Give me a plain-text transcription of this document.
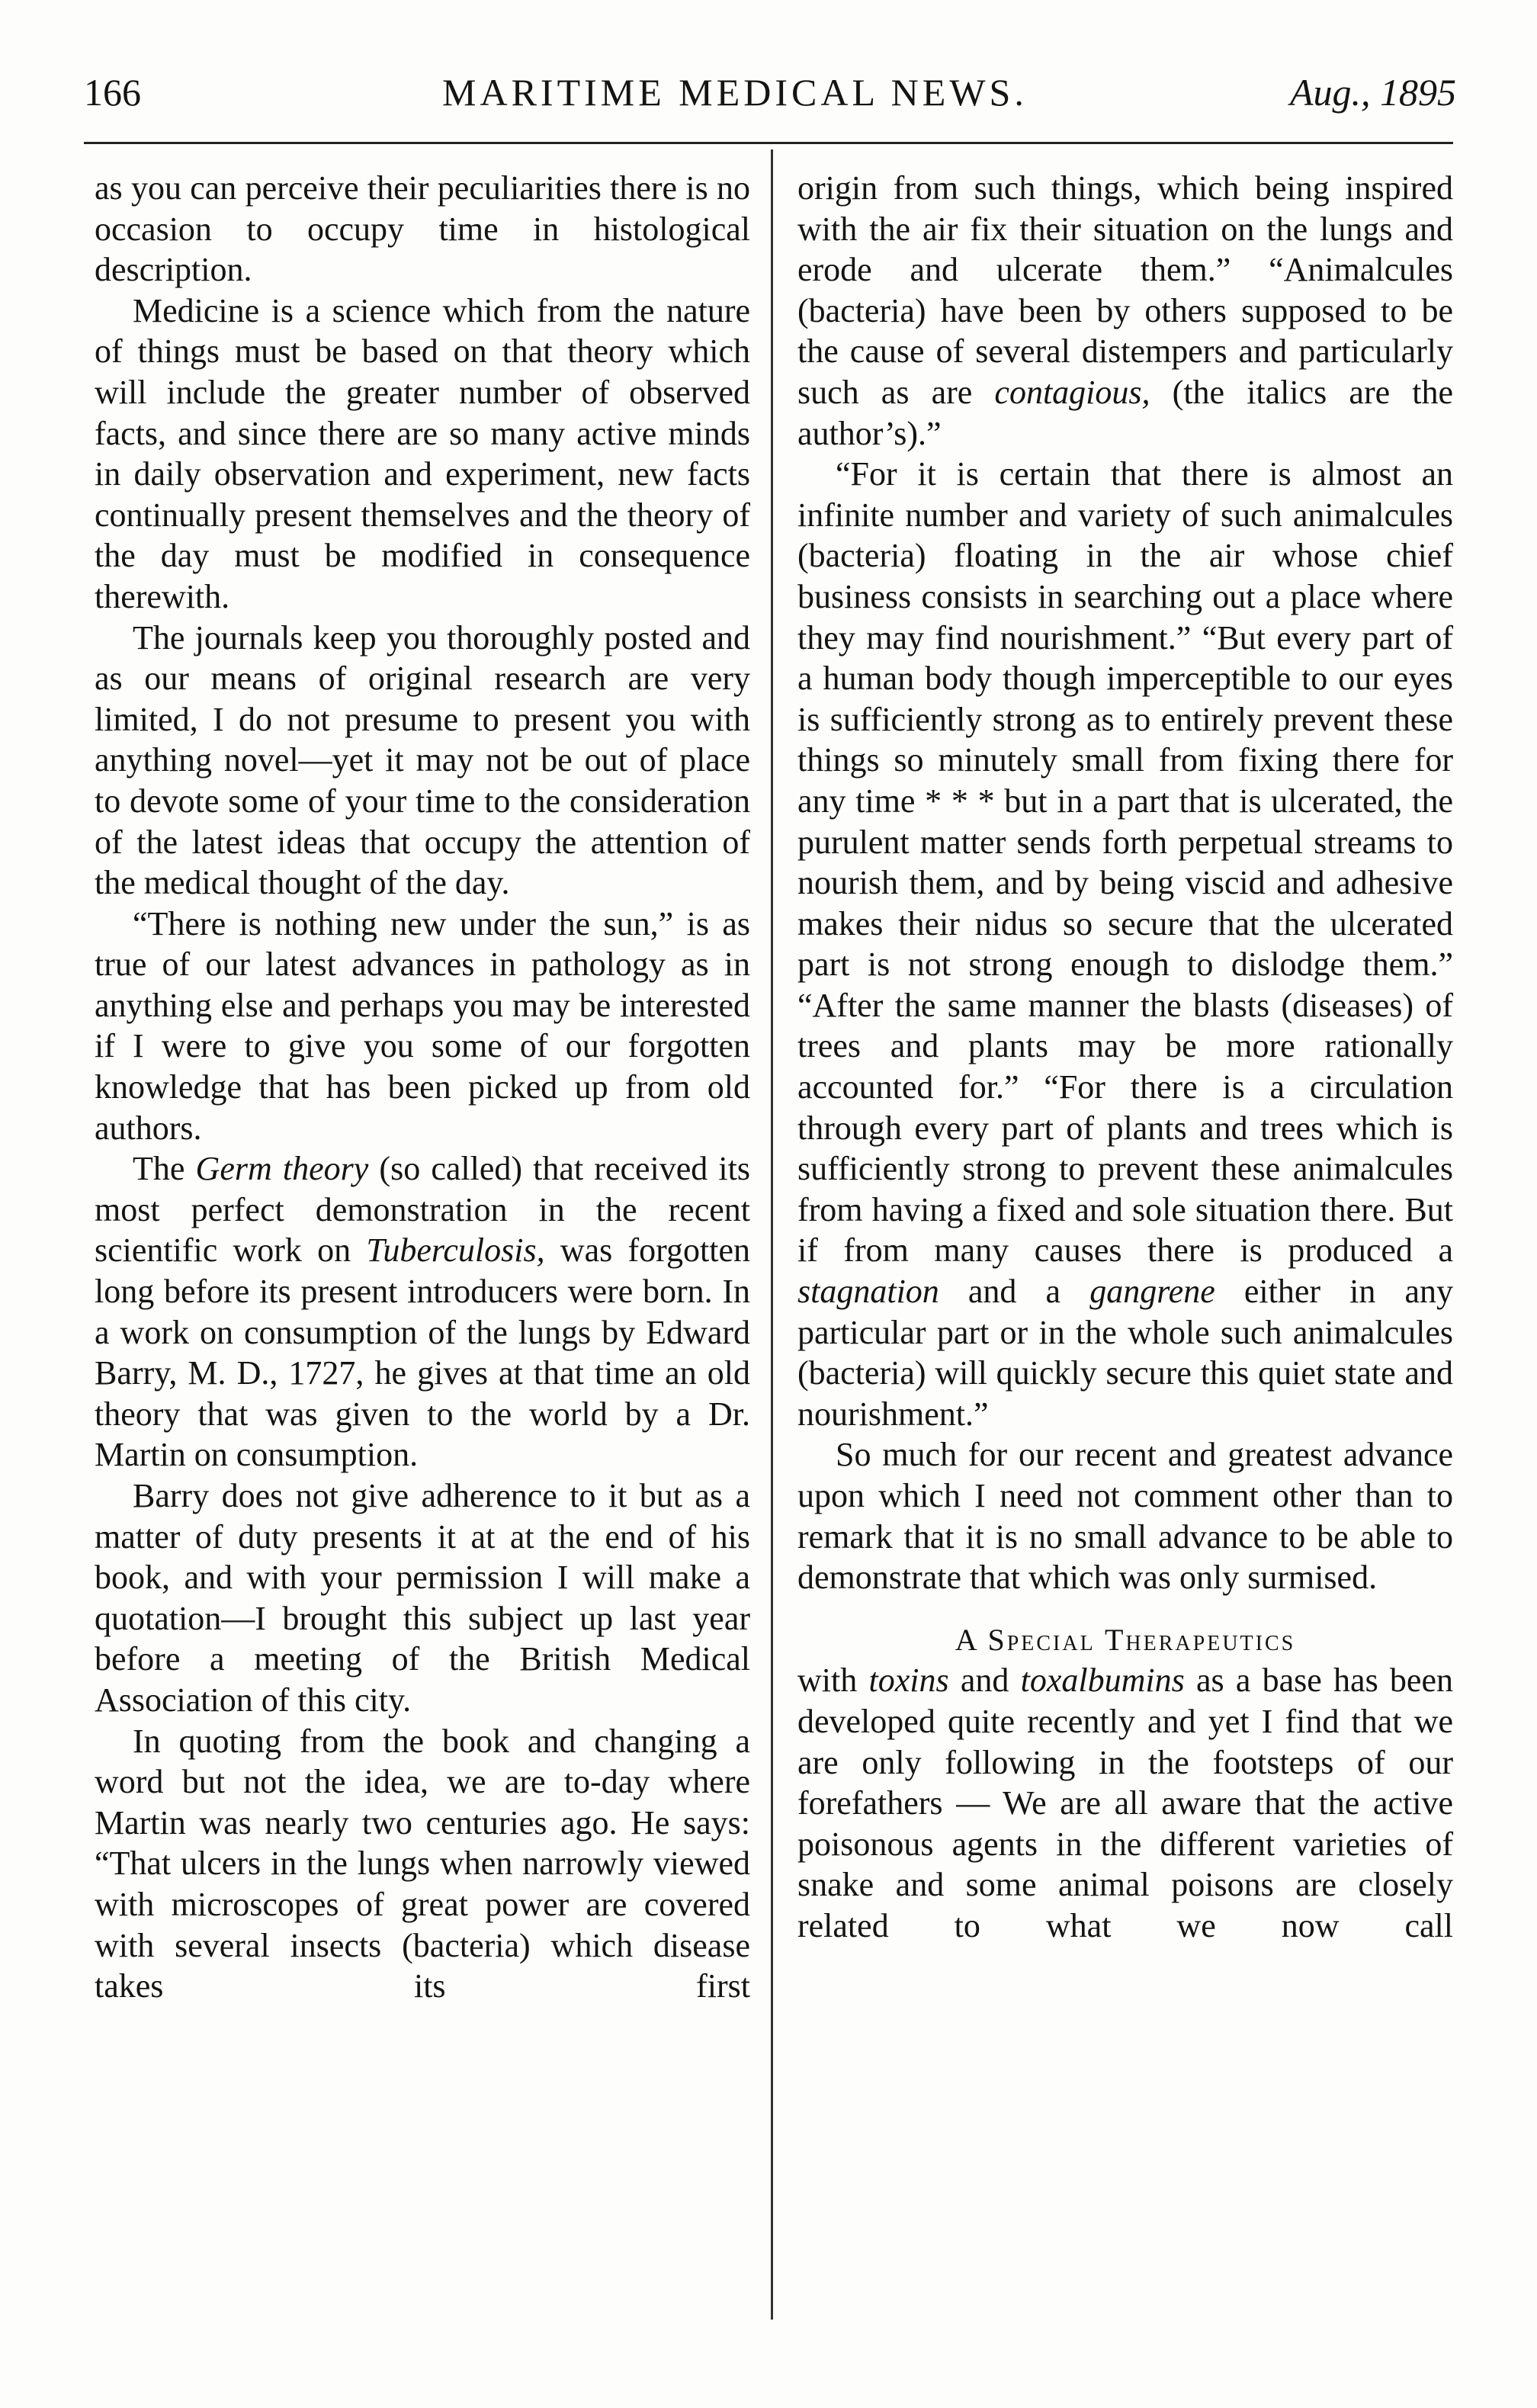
166	MARITIME MEDICAL NEWS.	Aug., 1895

as you can perceive their peculiarities there is no occasion to occupy time in histological description.

Medicine is a science which from the nature of things must be based on that theory which will include the greater number of observed facts, and since there are so many active minds in daily observation and experiment, new facts continually present themselves and the theory of the day must be modified in consequence therewith.

The journals keep you thoroughly posted and as our means of original research are very limited, I do not presume to present you with anything novel—yet it may not be out of place to devote some of your time to the consideration of the latest ideas that occupy the attention of the medical thought of the day.

“There is nothing new under the sun,” is as true of our latest advances in pathology as in anything else and perhaps you may be interested if I were to give you some of our forgotten knowledge that has been picked up from old authors.

The Germ theory (so called) that received its most perfect demonstration in the recent scientific work on Tuberculosis, was forgotten long before its present introducers were born. In a work on consumption of the lungs by Edward Barry, M. D., 1727, he gives at that time an old theory that was given to the world by a Dr. Martin on consumption.

Barry does not give adherence to it but as a matter of duty presents it at at the end of his book, and with your permission I will make a quotation—I brought this subject up last year before a meeting of the British Medical Association of this city.

In quoting from the book and changing a word but not the idea, we are to-day where Martin was nearly two centuries ago. He says: “That ulcers in the lungs when narrowly viewed with microscopes of great power are covered with several insects (bacteria) which disease takes its first

origin from such things, which being inspired with the air fix their situation on the lungs and erode and ulcerate them.” “Animalcules (bacteria) have been by others supposed to be the cause of several distempers and particularly such as are contagious, (the italics are the author’s).”

“For it is certain that there is almost an infinite number and variety of such animalcules (bacteria) floating in the air whose chief business consists in searching out a place where they may find nourishment.” “But every part of a human body though imperceptible to our eyes is sufficiently strong as to entirely prevent these things so minutely small from fixing there for any time * * * but in a part that is ulcerated, the purulent matter sends forth perpetual streams to nourish them, and by being viscid and adhesive makes their nidus so secure that the ulcerated part is not strong enough to dislodge them.” “After the same manner the blasts (diseases) of trees and plants may be more rationally accounted for.” “For there is a circulation through every part of plants and trees which is sufficiently strong to prevent these animalcules from having a fixed and sole situation there. But if from many causes there is produced a stagnation and a gangrene either in any particular part or in the whole such animalcules (bacteria) will quickly secure this quiet state and nourishment.”

So much for our recent and greatest advance upon which I need not comment other than to remark that it is no small advance to be able to demonstrate that which was only surmised.

A Special Therapeutics

with toxins and toxalbumins as a base has been developed quite recently and yet I find that we are only following in the footsteps of our forefathers — We are all aware that the active poisonous agents in the different varieties of snake and some animal poisons are closely related to what we now call
